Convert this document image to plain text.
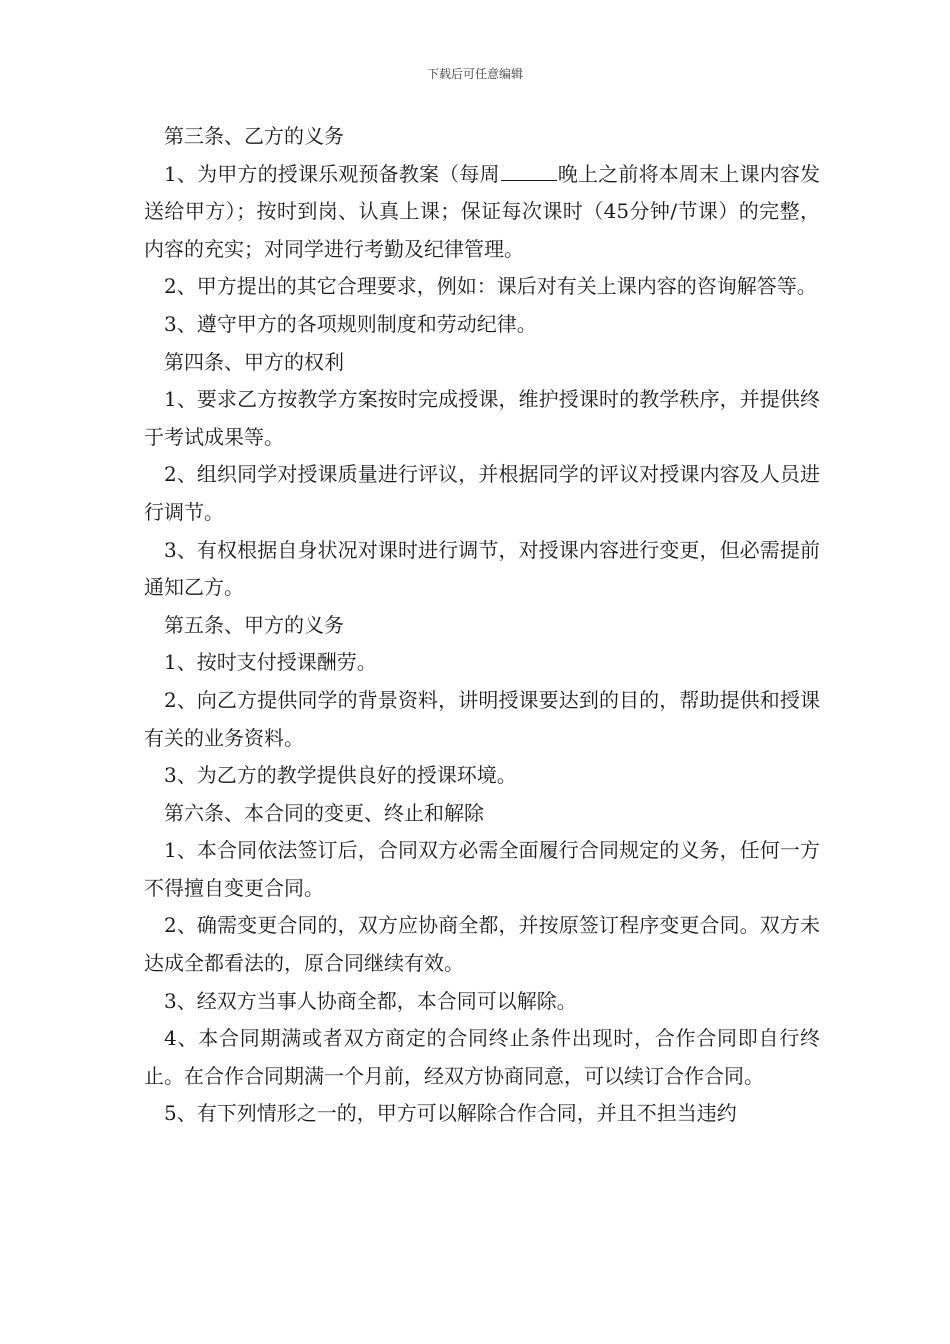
下载后可任意编辑

第三条、乙方的义务

1、为甲方的授课乐观预备教案（每周	晚上之前将本周末上课内容发送给甲方）；按时到岗、认真上课；保证每次课时（45分钟/节课）的完整，内容的充实；对同学进行考勤及纪律管理。

2、甲方提出的其它合理要求，例如：课后对有关上课内容的咨询解答等。

3、遵守甲方的各项规则制度和劳动纪律。

第四条、甲方的权利

1、要求乙方按教学方案按时完成授课，维护授课时的教学秩序，并提供终于考试成果等。

2、组织同学对授课质量进行评议，并根据同学的评议对授课内容及人员进行调节。

3、有权根据自身状况对课时进行调节，对授课内容进行变更，但必需提前通知乙方。

第五条、甲方的义务

1、按时支付授课酬劳。

2、向乙方提供同学的背景资料，讲明授课要达到的目的，帮助提供和授课有关的业务资料。

3、为乙方的教学提供良好的授课环境。

第六条、本合同的变更、终止和解除

1、本合同依法签订后，合同双方必需全面履行合同规定的义务，任何一方不得擅自变更合同。

2、确需变更合同的，双方应协商全都，并按原签订程序变更合同。双方未达成全都看法的，原合同继续有效。

3、经双方当事人协商全都，本合同可以解除。

4、本合同期满或者双方商定的合同终止条件出现时，合作合同即自行终止。在合作合同期满一个月前，经双方协商同意，可以续订合作合同。

5、有下列情形之一的，甲方可以解除合作合同，并且不担当违约
